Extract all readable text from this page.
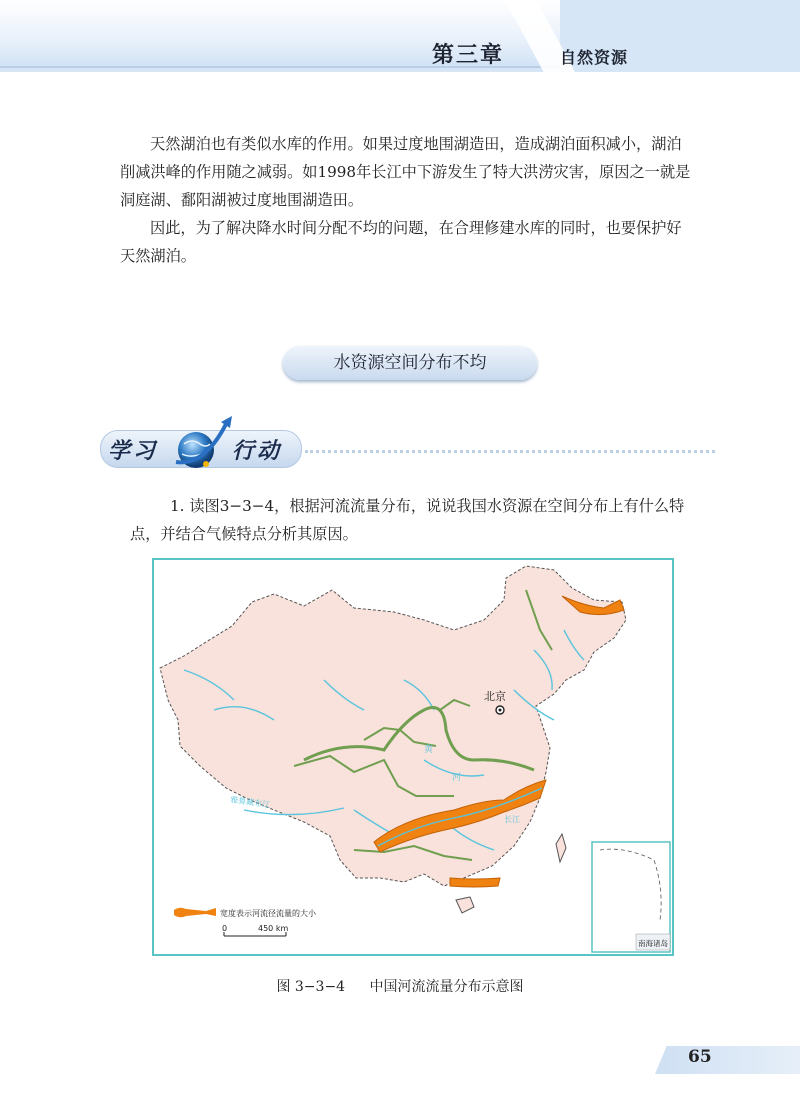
第三章	自然资源

天然湖泊也有类似水库的作用。如果过度地围湖造田，造成湖泊面积减小，湖泊削减洪峰的作用随之减弱。如1998年长江中下游发生了特大洪涝灾害，原因之一就是洞庭湖、鄱阳湖被过度地围湖造田。

因此，为了解决降水时间分配不均的问题，在合理修建水库的同时，也要保护好天然湖泊。

水资源空间分布不均
学习	行动

1. 读图3−3−4，根据河流流量分布，说说我国水资源在空间分布上有什么特点，并结合气候特点分析其原因。

北京
黄
河
雅鲁藏布江
长江
南海诸岛
宽度表示河流径流量的大小
0	450 km
图 3−3−4 中国河流流量分布示意图
65
